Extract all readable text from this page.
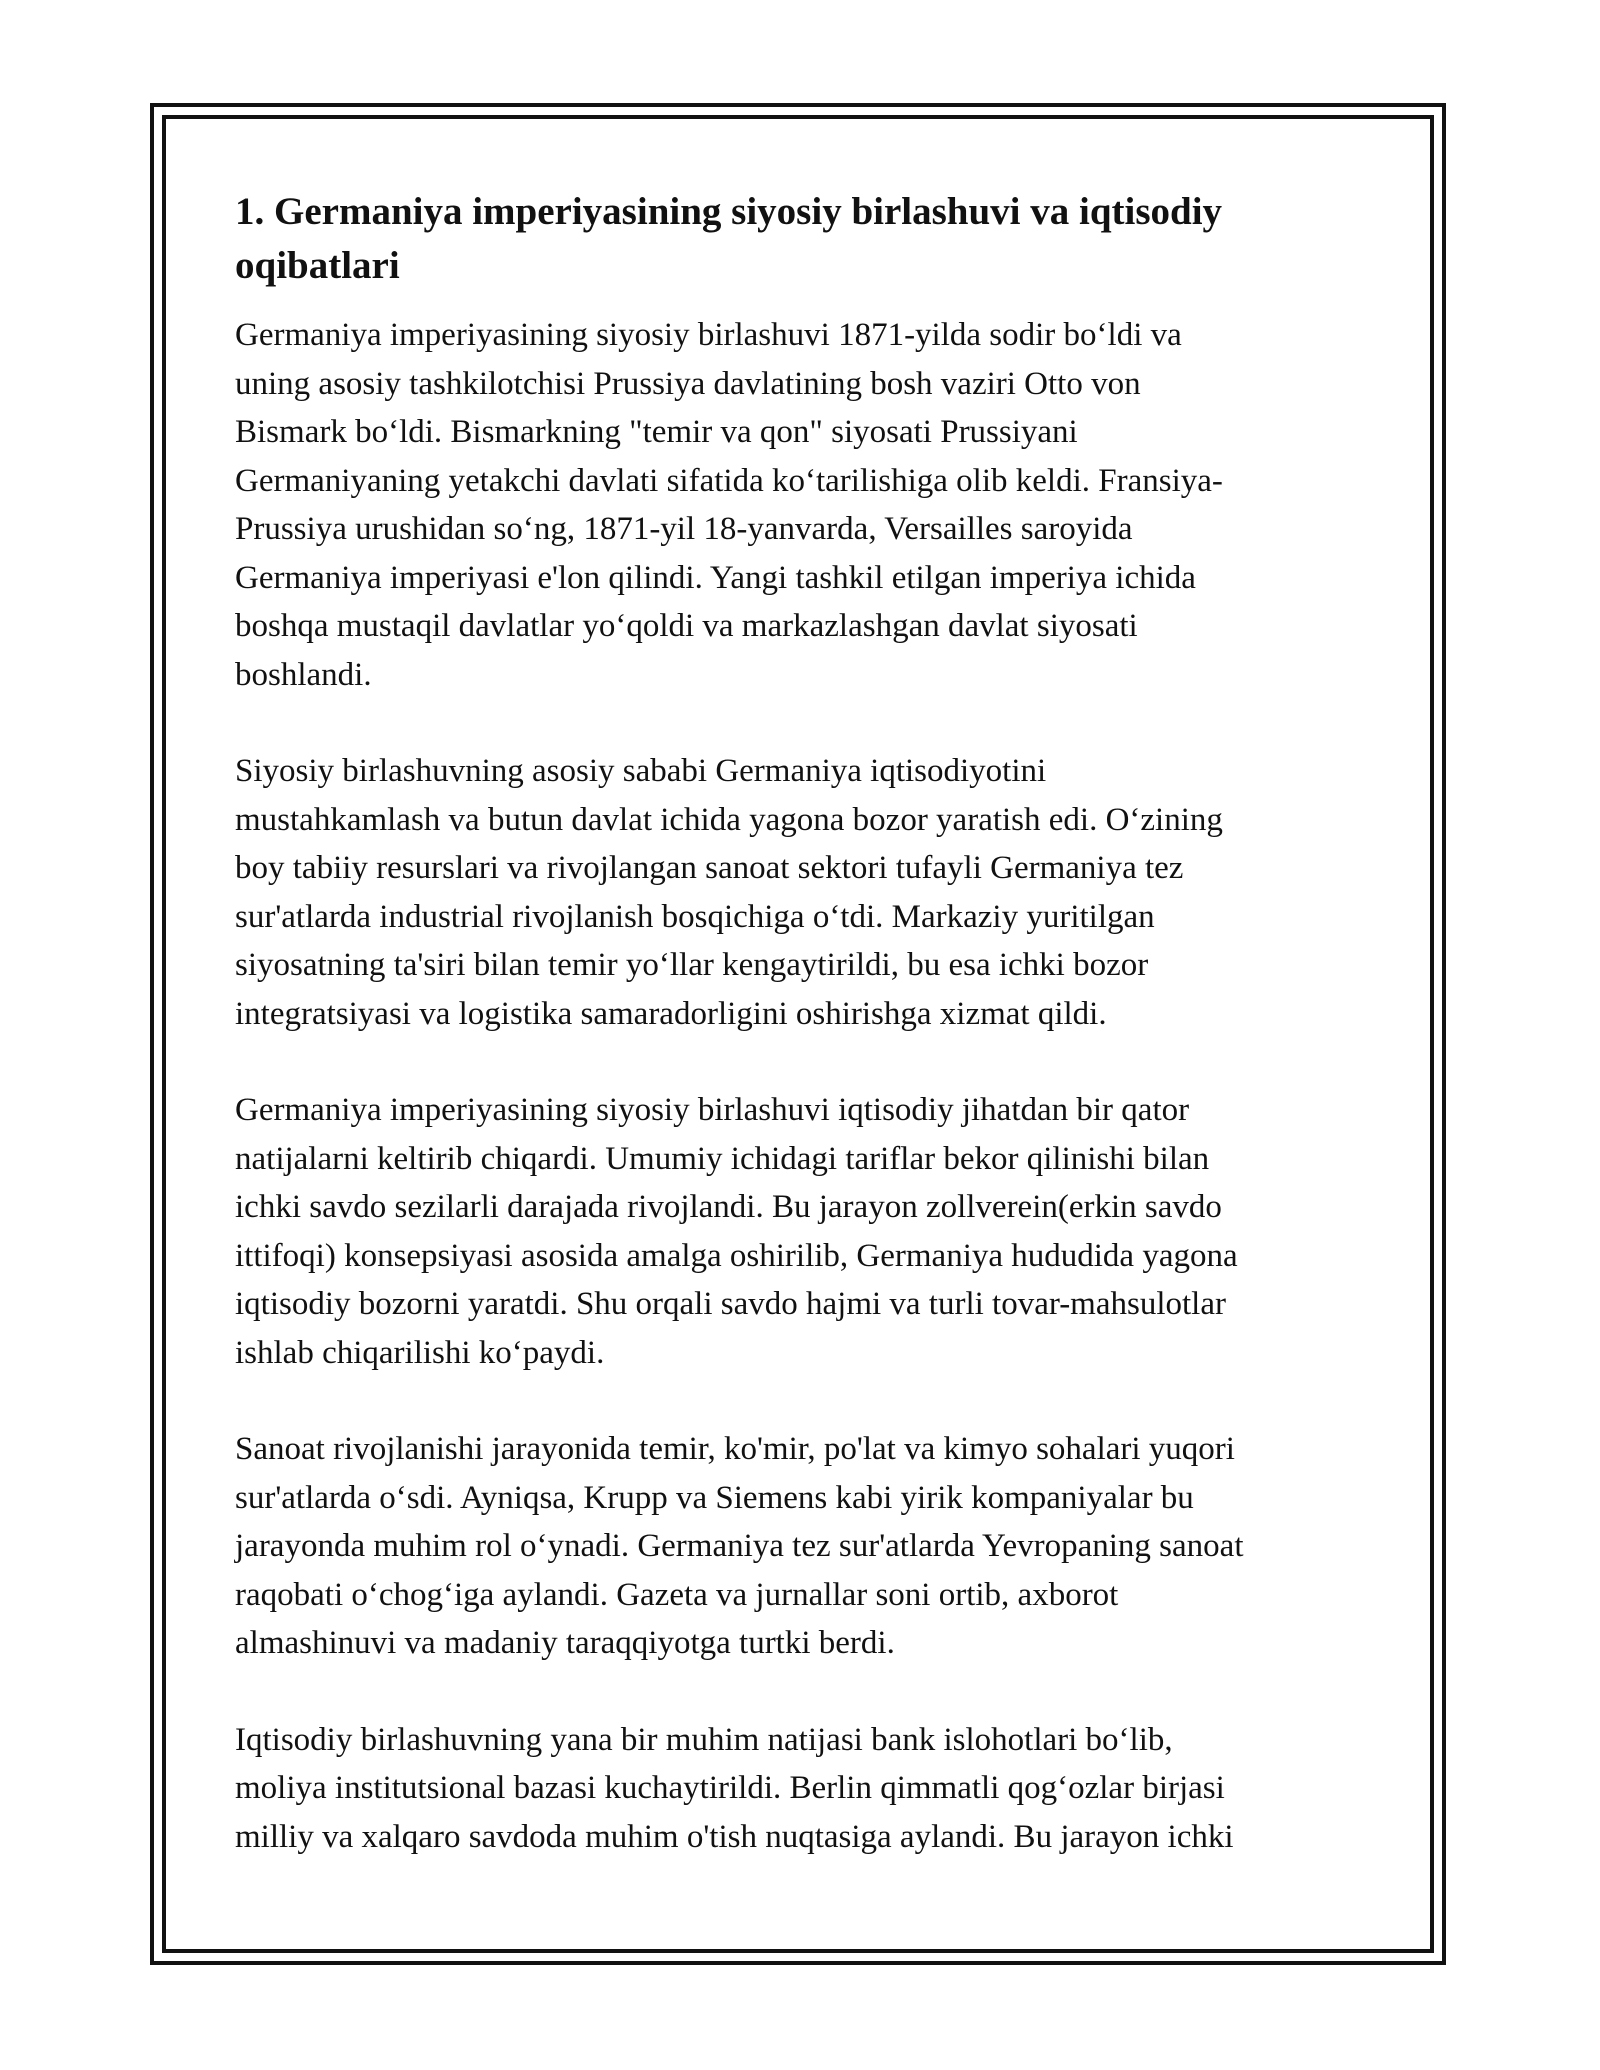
1. Germaniya imperiyasining siyosiy birlashuvi va iqtisodiy
oqibatlari

Germaniya imperiyasining siyosiy birlashuvi 1871-yilda sodir bo‘ldi va
uning asosiy tashkilotchisi Prussiya davlatining bosh vaziri Otto von
Bismark bo‘ldi. Bismarkning "temir va qon" siyosati Prussiyani
Germaniyaning yetakchi davlati sifatida ko‘tarilishiga olib keldi. Fransiya-
Prussiya urushidan so‘ng, 1871-yil 18-yanvarda, Versailles saroyida
Germaniya imperiyasi e'lon qilindi. Yangi tashkil etilgan imperiya ichida
boshqa mustaqil davlatlar yo‘qoldi va markazlashgan davlat siyosati
boshlandi.

Siyosiy birlashuvning asosiy sababi Germaniya iqtisodiyotini
mustahkamlash va butun davlat ichida yagona bozor yaratish edi. O‘zining
boy tabiiy resurslari va rivojlangan sanoat sektori tufayli Germaniya tez
sur'atlarda industrial rivojlanish bosqichiga o‘tdi. Markaziy yuritilgan
siyosatning ta'siri bilan temir yo‘llar kengaytirildi, bu esa ichki bozor
integratsiyasi va logistika samaradorligini oshirishga xizmat qildi.

Germaniya imperiyasining siyosiy birlashuvi iqtisodiy jihatdan bir qator
natijalarni keltirib chiqardi. Umumiy ichidagi tariflar bekor qilinishi bilan
ichki savdo sezilarli darajada rivojlandi. Bu jarayon zollverein(erkin savdo
ittifoqi) konsepsiyasi asosida amalga oshirilib, Germaniya hududida yagona
iqtisodiy bozorni yaratdi. Shu orqali savdo hajmi va turli tovar-mahsulotlar
ishlab chiqarilishi ko‘paydi.

Sanoat rivojlanishi jarayonida temir, ko'mir, po'lat va kimyo sohalari yuqori
sur'atlarda o‘sdi. Ayniqsa, Krupp va Siemens kabi yirik kompaniyalar bu
jarayonda muhim rol o‘ynadi. Germaniya tez sur'atlarda Yevropaning sanoat
raqobati o‘chog‘iga aylandi. Gazeta va jurnallar soni ortib, axborot
almashinuvi va madaniy taraqqiyotga turtki berdi.

Iqtisodiy birlashuvning yana bir muhim natijasi bank islohotlari bo‘lib,
moliya institutsional bazasi kuchaytirildi. Berlin qimmatli qog‘ozlar birjasi
milliy va xalqaro savdoda muhim o'tish nuqtasiga aylandi. Bu jarayon ichki
